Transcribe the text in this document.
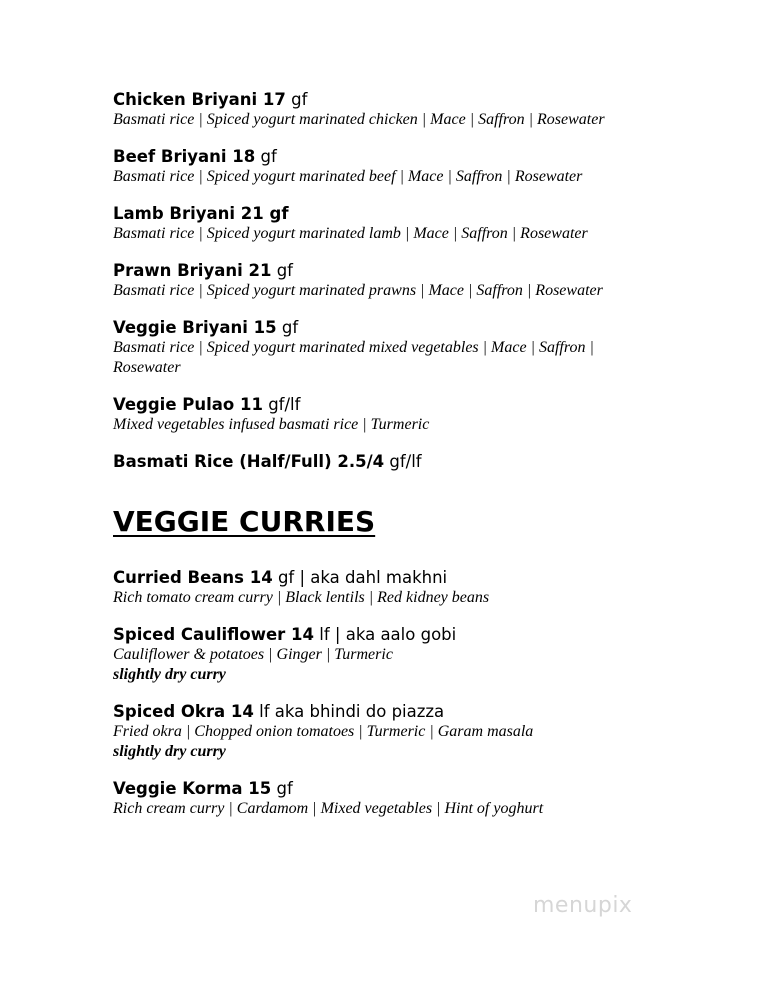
Chicken Briyani 17 gf
Basmati rice | Spiced yogurt marinated chicken | Mace | Saffron | Rosewater
Beef Briyani 18 gf
Basmati rice | Spiced yogurt marinated beef | Mace | Saffron | Rosewater
Lamb Briyani 21 gf
Basmati rice | Spiced yogurt marinated lamb | Mace | Saffron | Rosewater
Prawn Briyani 21 gf
Basmati rice | Spiced yogurt marinated prawns | Mace | Saffron | Rosewater
Veggie Briyani 15 gf
Basmati rice | Spiced yogurt marinated mixed vegetables | Mace | Saffron | Rosewater
Veggie Pulao 11 gf/lf
Mixed vegetables infused basmati rice | Turmeric
Basmati Rice (Half/Full) 2.5/4 gf/lf
VEGGIE CURRIES
Curried Beans 14 gf | aka dahl makhni
Rich tomato cream curry | Black lentils | Red kidney beans
Spiced Cauliflower 14 lf | aka aalo gobi
Cauliflower & potatoes | Ginger | Turmeric
slightly dry curry
Spiced Okra 14 lf aka bhindi do piazza
Fried okra | Chopped onion tomatoes | Turmeric | Garam masala
slightly dry curry
Veggie Korma 15 gf
Rich cream curry | Cardamom | Mixed vegetables | Hint of yoghurt
menupix
